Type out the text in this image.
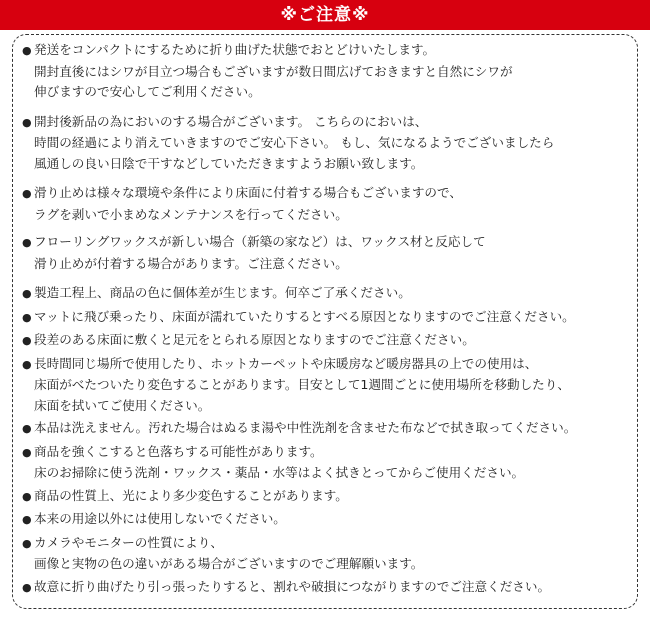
※ご注意※
● 発送をコンパクトにするために折り曲げた状態でおとどけいたします。
開封直後にはシワが目立つ場合もございますが数日間広げておきますと自然にシワが
伸びますので安心してご利用ください。
● 開封後新品の為においのする場合がございます。 こちらのにおいは、
時間の経過により消えていきますのでご安心下さい。 もし、気になるようでございましたら
風通しの良い日陰で干すなどしていただきますようお願い致します。
● 滑り止めは様々な環境や条件により床面に付着する場合もございますので、
ラグを剥いで小まめなメンテナンスを行ってください。
● フローリングワックスが新しい場合（新築の家など）は、ワックス材と反応して
滑り止めが付着する場合があります。ご注意ください。
● 製造工程上、商品の色に個体差が生じます。何卒ご了承ください。
● マットに飛び乗ったり、床面が濡れていたりするとすべる原因となりますのでご注意ください。
● 段差のある床面に敷くと足元をとられる原因となりますのでご注意ください。
● 長時間同じ場所で使用したり、ホットカーペットや床暖房など暖房器具の上での使用は、
床面がべたついたり変色することがあります。目安として1週間ごとに使用場所を移動したり、
床面を拭いてご使用ください。
● 本品は洗えません。汚れた場合はぬるま湯や中性洗剤を含ませた布などで拭き取ってください。
● 商品を強くこすると色落ちする可能性があります。
床のお掃除に使う洗剤・ワックス・薬品・水等はよく拭きとってからご使用ください。
● 商品の性質上、光により多少変色することがあります。
● 本来の用途以外には使用しないでください。
● カメラやモニターの性質により、
画像と実物の色の違いがある場合がございますのでご理解願います。
● 故意に折り曲げたり引っ張ったりすると、割れや破損につながりますのでご注意ください。
